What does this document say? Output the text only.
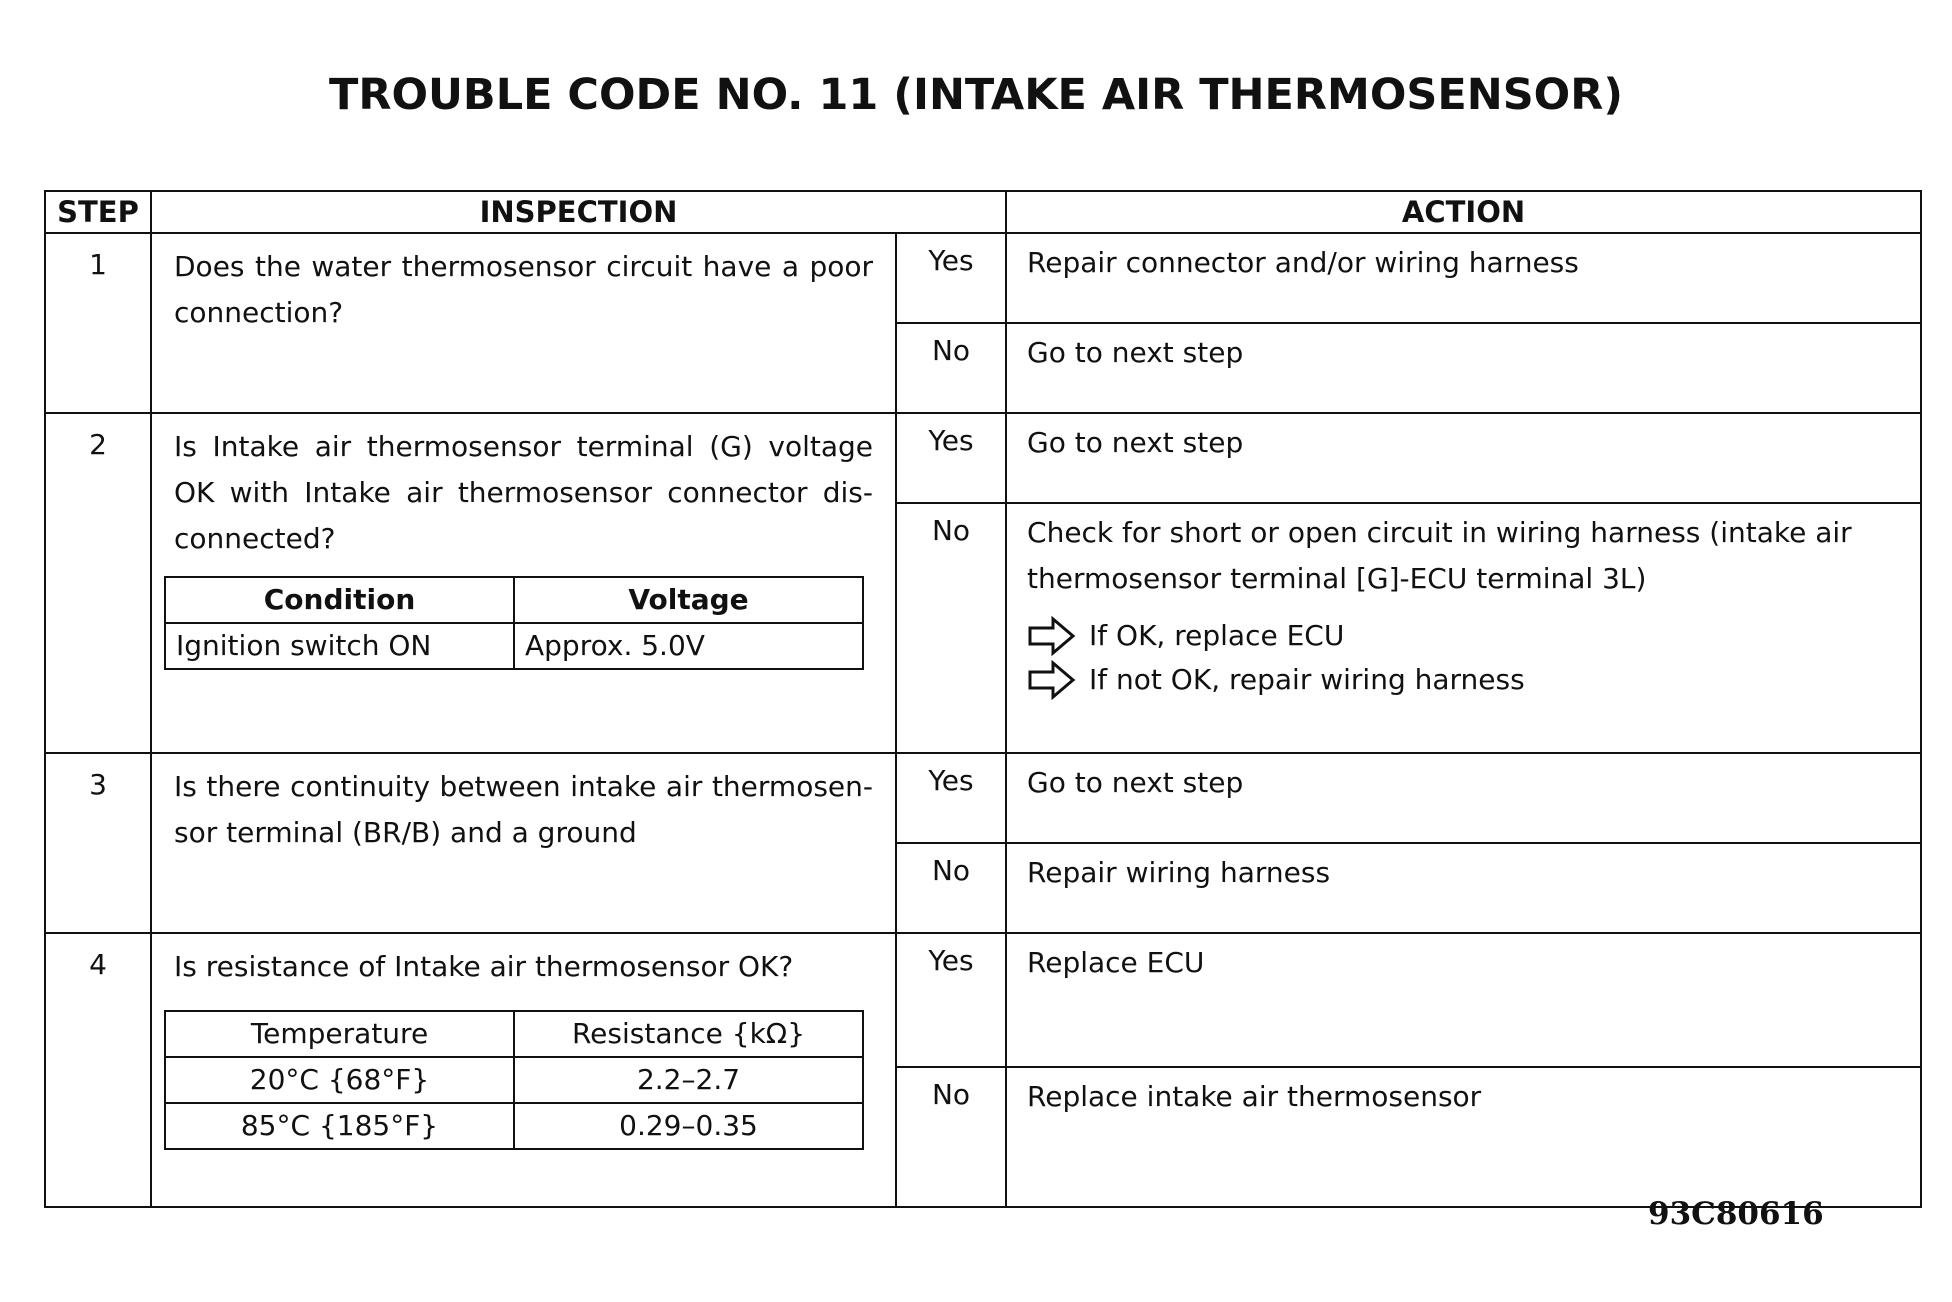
TROUBLE CODE NO. 11 (INTAKE AIR THERMOSENSOR)
STEP	INSPECTION	ACTION
1	Does the water thermosensor circuit have a poor connection?	Yes	Repair connector and/or wiring harness
No	Go to next step
2	Is Intake air thermosensor terminal (G) voltage OK with Intake air thermosensor connector dis-connected?
Condition	Voltage
Ignition switch ON	Approx. 5.0V
	Yes	Go to next step
No	Check for short or open circuit in wiring harness (intake air thermosensor terminal [G]-ECU terminal 3L)
If OK, replace ECU
If not OK, repair wiring harness

3	Is there continuity between intake air thermosen-sor terminal (BR/B) and a ground	Yes	Go to next step
No	Repair wiring harness
4	Is resistance of Intake air thermosensor OK?
Temperature	Resistance {kΩ}
20°C {68°F}	2.2–2.7
85°C {185°F}	0.29–0.35
	Yes	Replace ECU
No	Replace intake air thermosensor
93C80616
